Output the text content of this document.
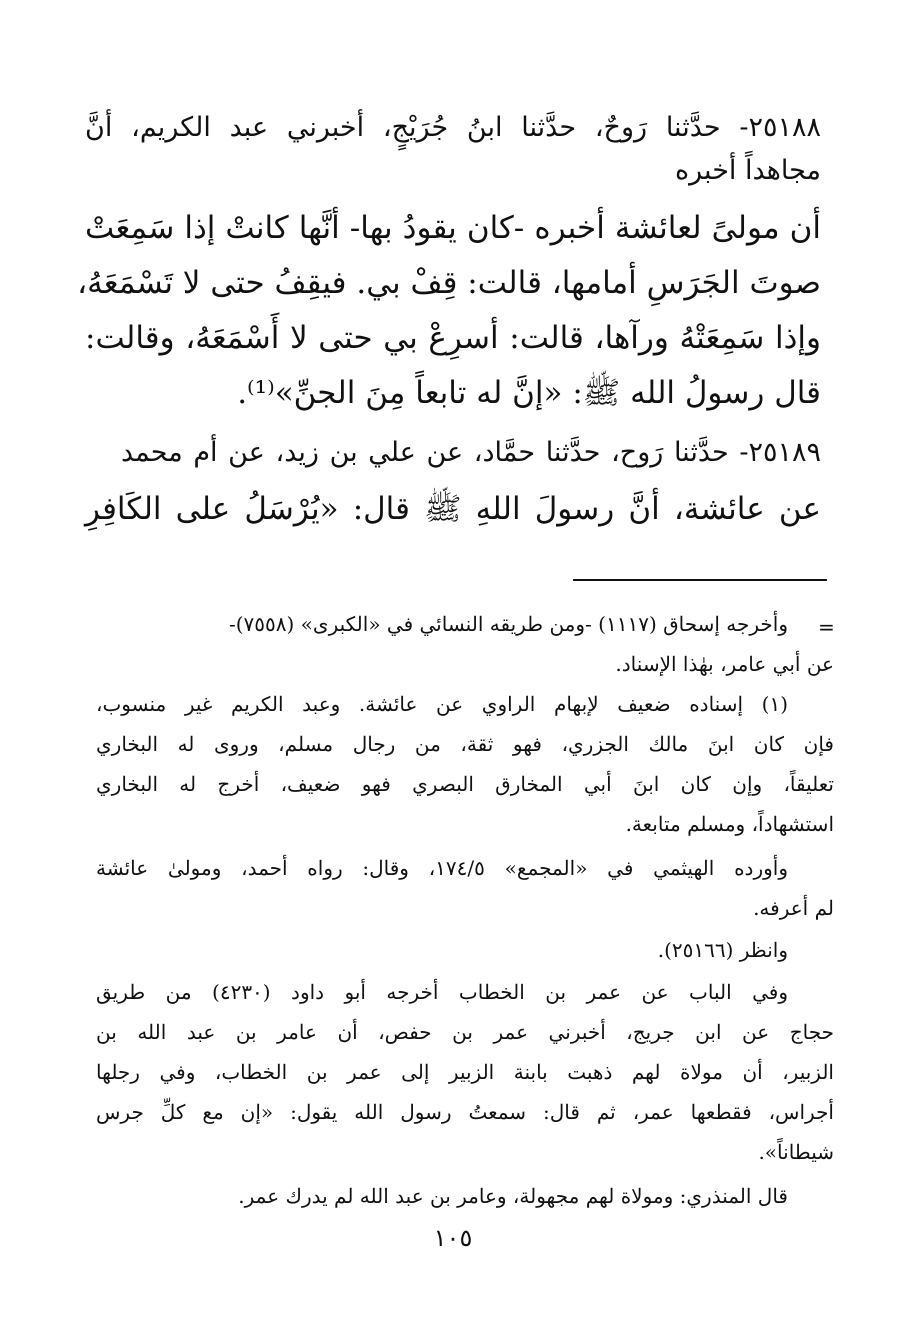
٢٥١٨٨- حدَّثنا رَوحٌ، حدَّثنا ابنُ جُرَيْجٍ، أخبرني عبد الكريم، أنَّ
مجاهداً أخبره
أن مولىً لعائشة أخبره -كان يقودُ بها- أنَّها كانتْ إذا سَمِعَتْ
صوتَ الجَرَسِ أمامها، قالت: قِفْ بي. فيقِفُ حتى لا تَسْمَعَهُ،
وإذا سَمِعَتْهُ ورآها، قالت: أسرِعْ بي حتى لا أَسْمَعَهُ، وقالت:
قال رسولُ الله ﷺ: «إنَّ له تابعاً مِنَ الجنِّ»⁽¹⁾.
٢٥١٨٩- حدَّثنا رَوح، حدَّثنا حمَّاد، عن علي بن زيد، عن أم محمد
عن عائشة، أنَّ رسولَ اللهِ ﷺ قال: «يُرْسَلُ على الكَافِرِ
=
وأخرجه إسحاق (١١١٧) -ومن طريقه النسائي في «الكبرى» (٧٥٥٨)-
عن أبي عامر، بهٰذا الإسناد.
(١) إسناده ضعيف لإبهام الراوي عن عائشة. وعبد الكريم غير منسوب،
فإن كان ابنَ مالك الجزري، فهو ثقة، من رجال مسلم، وروى له البخاري
تعليقاً، وإن كان ابنَ أبي المخارق البصري فهو ضعيف، أخرج له البخاري
استشهاداً، ومسلم متابعة.
وأورده الهيثمي في «المجمع» ١٧٤/٥، وقال: رواه أحمد، ومولىٰ عائشة
لم أعرفه.
وانظر (٢٥١٦٦).
وفي الباب عن عمر بن الخطاب أخرجه أبو داود (٤٢٣٠) من طريق
حجاج عن ابن جريج، أخبرني عمر بن حفص، أن عامر بن عبد الله بن
الزبير، أن مولاة لهم ذهبت بابنة الزبير إلى عمر بن الخطاب، وفي رجلها
أجراس، فقطعها عمر، ثم قال: سمعتُ رسول الله يقول: «إن مع كلِّ جرس
شيطاناً».
قال المنذري: ومولاة لهم مجهولة، وعامر بن عبد الله لم يدرك عمر.
١٠٥
